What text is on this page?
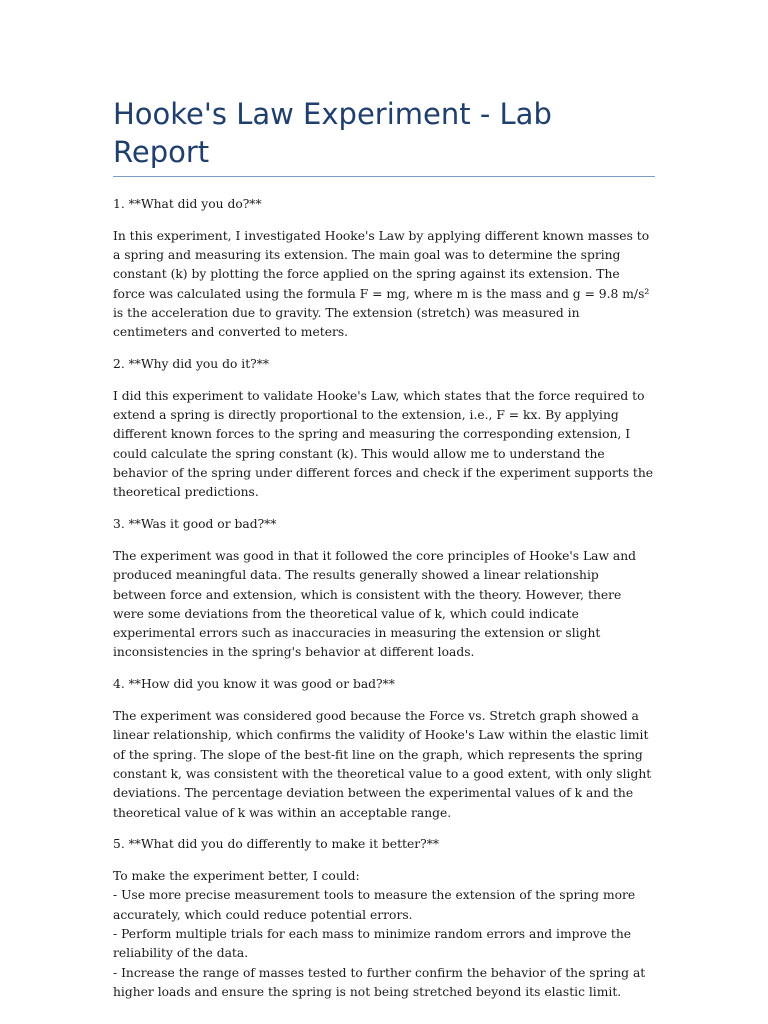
Hooke's Law Experiment - Lab Report

1. **What did you do?**

In this experiment, I investigated Hooke's Law by applying different known masses to a spring and measuring its extension. The main goal was to determine the spring constant (k) by plotting the force applied on the spring against its extension. The force was calculated using the formula F = mg, where m is the mass and g = 9.8 m/s² is the acceleration due to gravity. The extension (stretch) was measured in centimeters and converted to meters.

2. **Why did you do it?**

I did this experiment to validate Hooke's Law, which states that the force required to extend a spring is directly proportional to the extension, i.e., F = kx. By applying different known forces to the spring and measuring the corresponding extension, I could calculate the spring constant (k). This would allow me to understand the behavior of the spring under different forces and check if the experiment supports the theoretical predictions.

3. **Was it good or bad?**

The experiment was good in that it followed the core principles of Hooke's Law and produced meaningful data. The results generally showed a linear relationship between force and extension, which is consistent with the theory. However, there were some deviations from the theoretical value of k, which could indicate experimental errors such as inaccuracies in measuring the extension or slight inconsistencies in the spring's behavior at different loads.

4. **How did you know it was good or bad?**

The experiment was considered good because the Force vs. Stretch graph showed a linear relationship, which confirms the validity of Hooke's Law within the elastic limit of the spring. The slope of the best-fit line on the graph, which represents the spring constant k, was consistent with the theoretical value to a good extent, with only slight deviations. The percentage deviation between the experimental values of k and the theoretical value of k was within an acceptable range.

5. **What did you do differently to make it better?**

To make the experiment better, I could:
- Use more precise measurement tools to measure the extension of the spring more accurately, which could reduce potential errors.
- Perform multiple trials for each mass to minimize random errors and improve the reliability of the data.
- Increase the range of masses tested to further confirm the behavior of the spring at higher loads and ensure the spring is not being stretched beyond its elastic limit.
